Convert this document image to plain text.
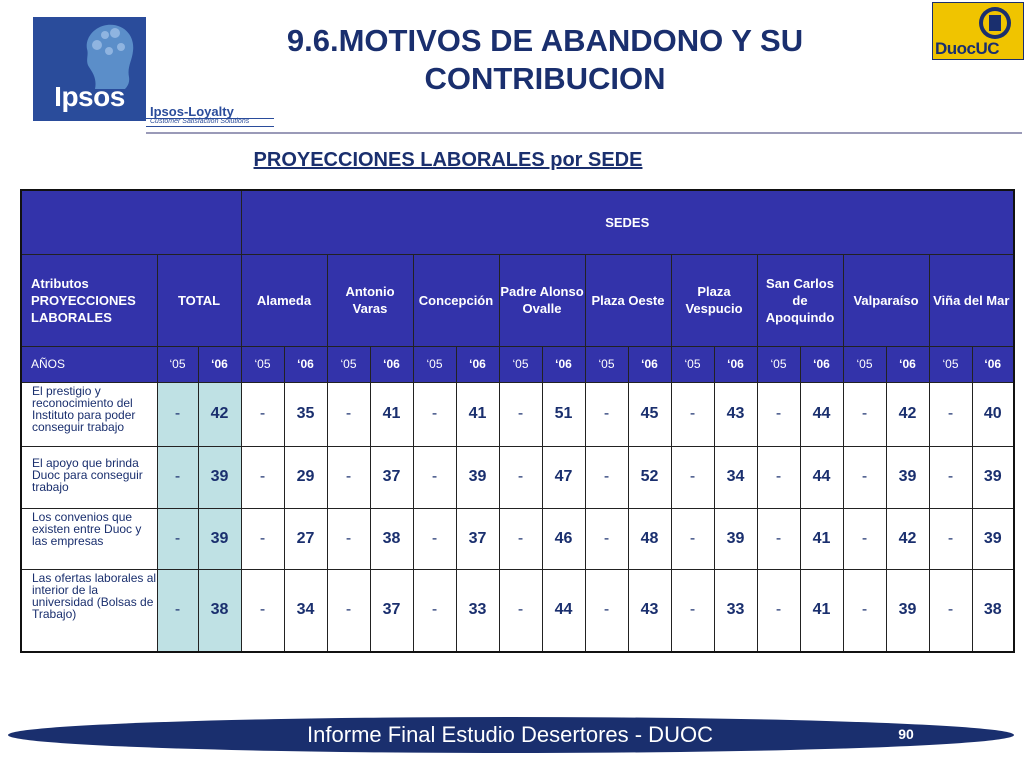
Ipsos	Ipsos-Loyalty
Customer Satisfaction Solutions
DuocUC
9.6.MOTIVOS DE ABANDONO Y SU CONTRIBUCION
PROYECCIONES LABORALES por SEDE
			SEDES																	
Atributos PROYECCIONES LABORALES	TOTAL		Alameda		Antonio Varas		Concepción		Padre Alonso Ovalle		Plaza Oeste		Plaza Vespucio		San Carlos de Apoquindo		Valparaíso		Viña del Mar	
AÑOS	‘05	‘06	‘05	‘06	‘05	‘06	‘05	‘06	‘05	‘06	‘05	‘06	‘05	‘06	‘05	‘06	‘05	‘06	‘05	‘06
El prestigio y reconocimiento del Instituto para poder conseguir trabajo	-	42	-	35	-	41	-	41	-	51	-	45	-	43	-	44	-	42	-	40
El apoyo que brinda Duoc para conseguir trabajo	-	39	-	29	-	37	-	39	-	47	-	52	-	34	-	44	-	39	-	39
Los convenios que existen entre Duoc y las empresas	-	39	-	27	-	38	-	37	-	46	-	48	-	39	-	41	-	42	-	39
Las ofertas laborales al interior de la universidad (Bolsas de Trabajo)	-	38	-	34	-	37	-	33	-	44	-	43	-	33	-	41	-	39	-	38
Informe Final Estudio Desertores - DUOC	90
